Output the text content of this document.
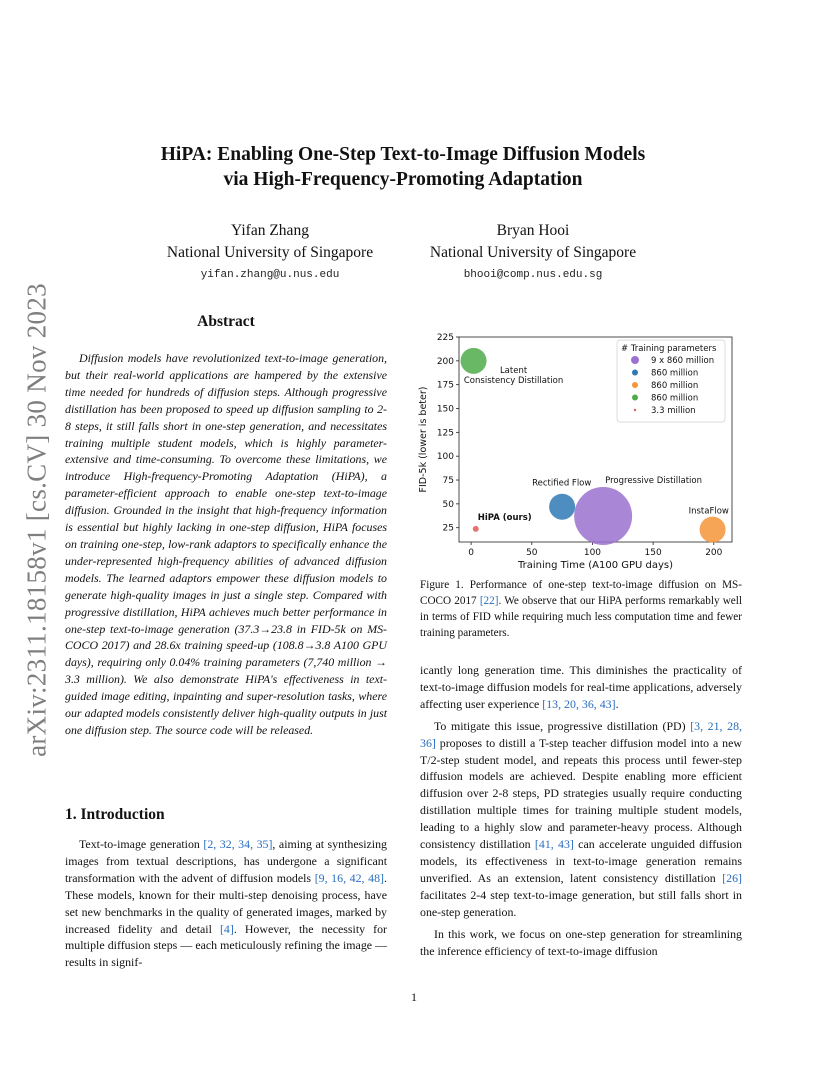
arXiv:2311.18158v1 [cs.CV] 30 Nov 2023
HiPA: Enabling One-Step Text-to-Image Diffusion Models
via High-Frequency-Promoting Adaptation
Yifan Zhang
National University of Singapore
yifan.zhang@u.nus.edu
Bryan Hooi
National University of Singapore
bhooi@comp.nus.edu.sg
Abstract
Diffusion models have revolutionized text-to-image generation, but their real-world applications are hampered by the extensive time needed for hundreds of diffusion steps. Although progressive distillation has been proposed to speed up diffusion sampling to 2-8 steps, it still falls short in one-step generation, and necessitates training multiple student models, which is highly parameter-extensive and time-consuming. To overcome these limitations, we introduce High-frequency-Promoting Adaptation (HiPA), a parameter-efficient approach to enable one-step text-to-image diffusion. Grounded in the insight that high-frequency information is essential but highly lacking in one-step diffusion, HiPA focuses on training one-step, low-rank adaptors to specifically enhance the under-represented high-frequency abilities of advanced diffusion models. The learned adaptors empower these diffusion models to generate high-quality images in just a single step. Compared with progressive distillation, HiPA achieves much better performance in one-step text-to-image generation (37.3→23.8 in FID-5k on MS-COCO 2017) and 28.6x training speed-up (108.8→3.8 A100 GPU days), requiring only 0.04% training parameters (7,740 million → 3.3 million). We also demonstrate HiPA's effectiveness in text-guided image editing, inpainting and super-resolution tasks, where our adapted models consistently deliver high-quality outputs in just one diffusion step. The source code will be released.
1. Introduction

Text-to-image generation [2, 32, 34, 35], aiming at synthesizing images from textual descriptions, has undergone a significant transformation with the advent of diffusion models [9, 16, 42, 48]. These models, known for their multi-step denoising process, have set new benchmarks in the quality of generated images, marked by increased fidelity and detail [4]. However, the necessity for multiple diffusion steps — each meticulously refining the image — results in signif-

0	50	100	150	200
25
50
75
100
125
150
175
200
225
Training Time (A100 GPU days)
FID-5k (lower is beter)	Progressive Distillation
Rectified Flow
InstaFlow
Latent
Consistency Distillation
HiPA (ours)
# Training parameters
9 x 860 million
860 million
860 million
860 million
3.3 million
Figure 1. Performance of one-step text-to-image diffusion on MS-COCO 2017 [22]. We observe that our HiPA performs remarkably well in terms of FID while requiring much less computation time and fewer training parameters.

icantly long generation time. This diminishes the practicality of text-to-image diffusion models for real-time applications, adversely affecting user experience [13, 20, 36, 43].

To mitigate this issue, progressive distillation (PD) [3, 21, 28, 36] proposes to distill a T-step teacher diffusion model into a new T/2-step student model, and repeats this process until fewer-step diffusion models are achieved. Despite enabling more efficient diffusion over 2-8 steps, PD strategies usually require conducting distillation multiple times for training multiple student models, leading to a highly slow and parameter-heavy process. Although consistency distillation [41, 43] can accelerate unguided diffusion models, its effectiveness in text-to-image generation remains unverified. As an extension, latent consistency distillation [26] facilitates 2-4 step text-to-image generation, but still falls short in one-step generation.

In this work, we focus on one-step generation for streamlining the inference efficiency of text-to-image diffusion

1
